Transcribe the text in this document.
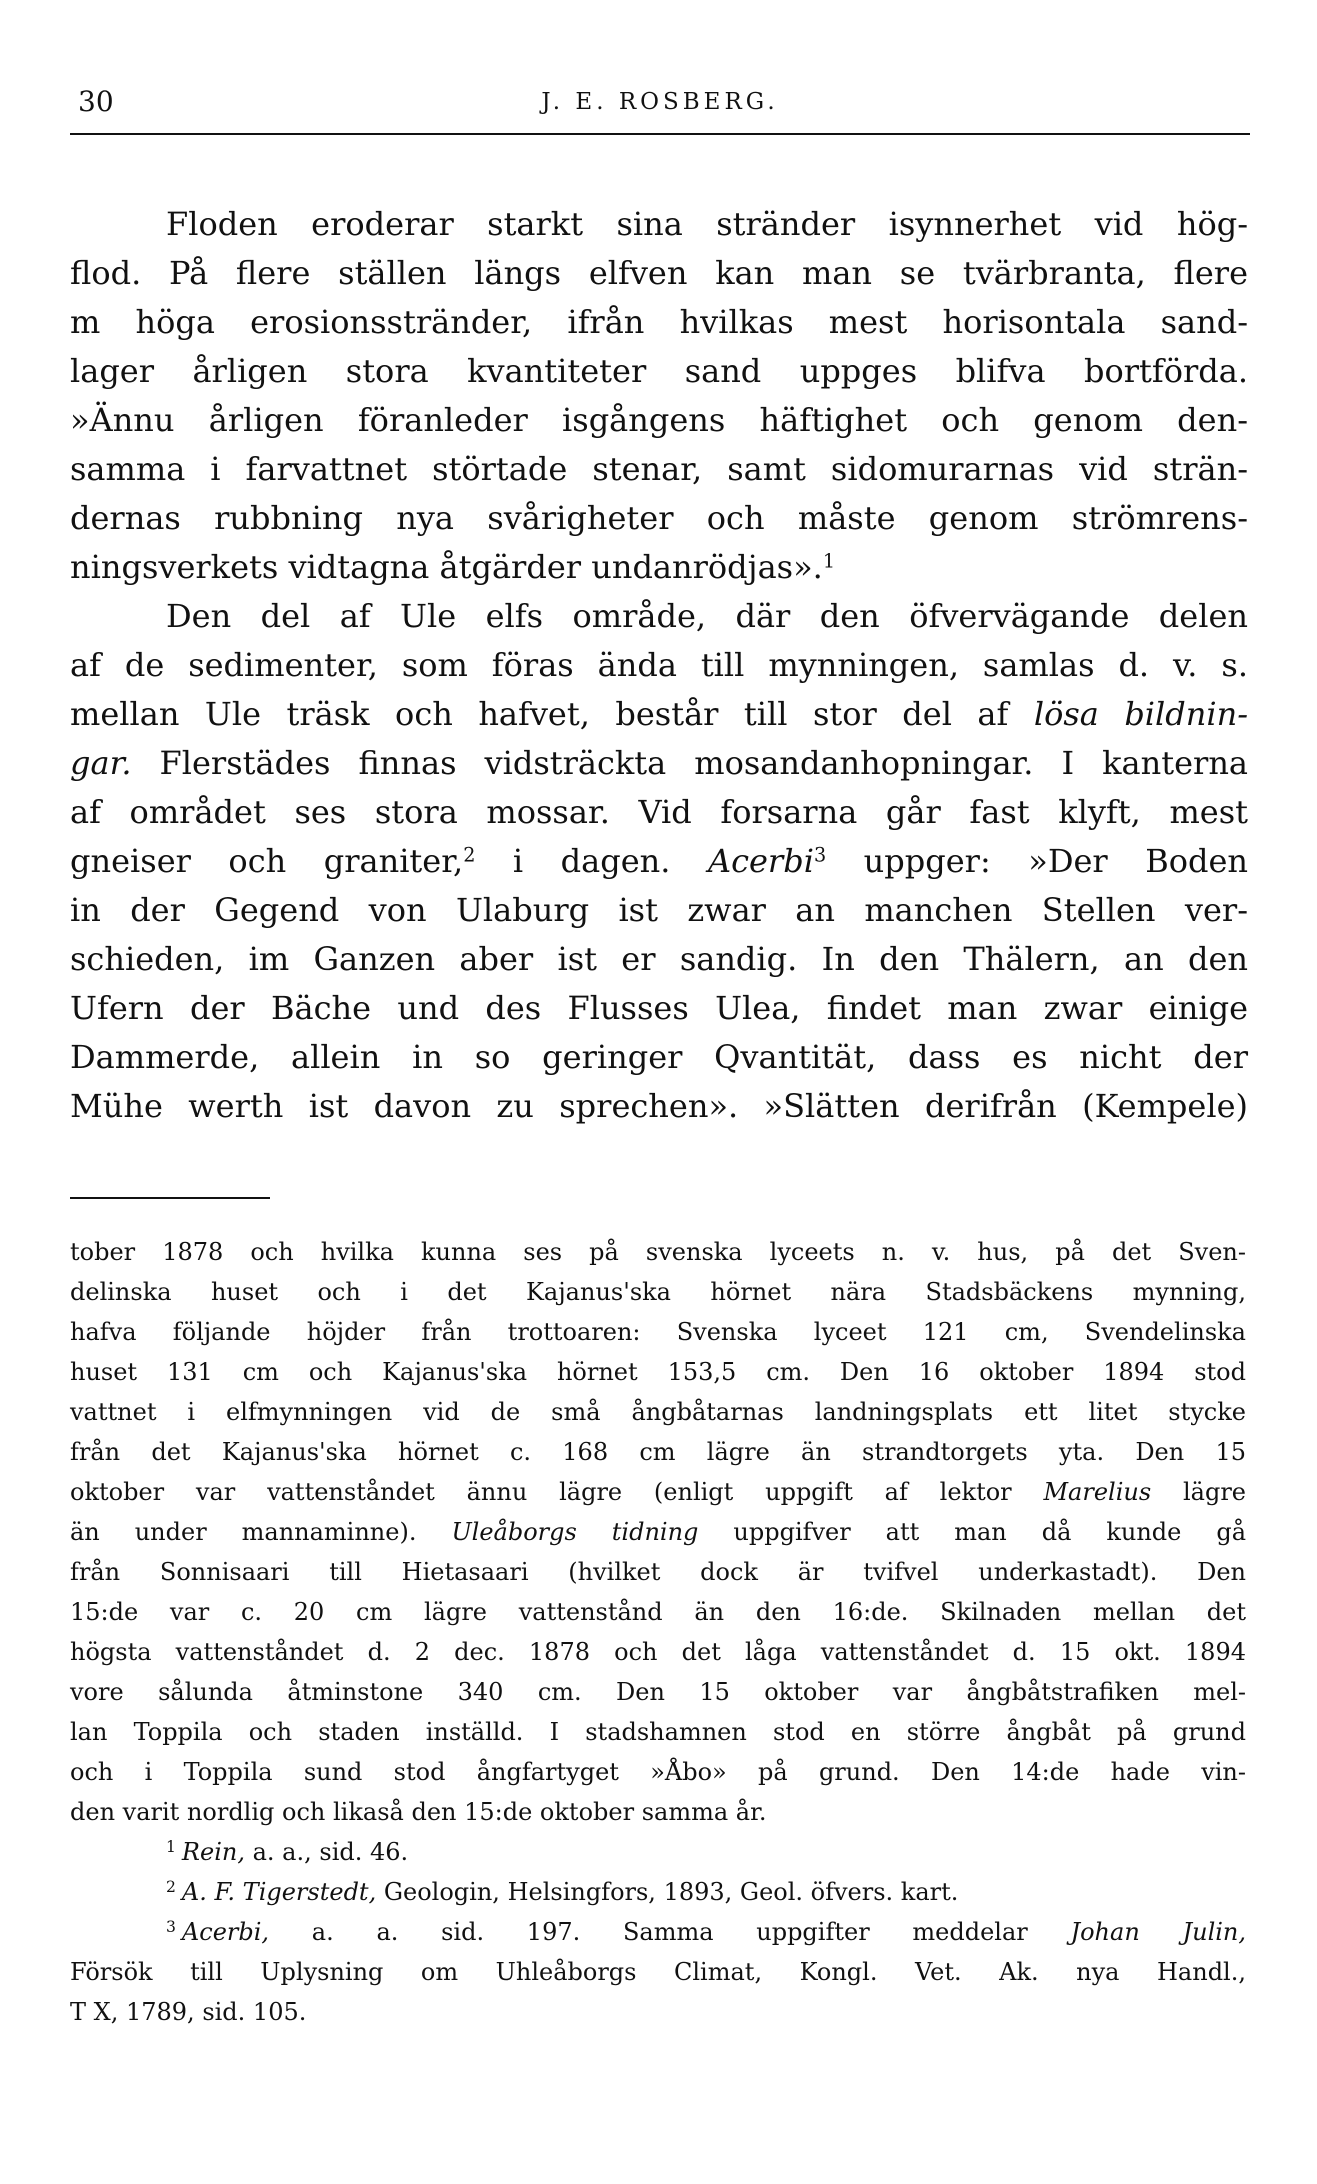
30	J. E. ROSBERG.
Floden eroderar starkt sina stränder isynnerhet vid hög-
flod. På flere ställen längs elfven kan man se tvärbranta, flere
m höga erosionsstränder, ifrån hvilkas mest horisontala sand-
lager årligen stora kvantiteter sand uppges blifva bortförda.
»Ännu årligen föranleder isgångens häftighet och genom den-
samma i farvattnet störtade stenar, samt sidomurarnas vid strän-
dernas rubbning nya svårigheter och måste genom strömrens-
ningsverkets vidtagna åtgärder undanrödjas».$^1$
Den del af Ule elfs område, där den öfvervägande delen
af de sedimenter, som föras ända till mynningen, samlas d. v. s.
mellan Ule träsk och hafvet, består till stor del af lösa bildnin-
gar. Flerstädes finnas vidsträckta mosandanhopningar. I kanterna
af området ses stora mossar. Vid forsarna går fast klyft, mest
gneiser och graniter,$^2$ i dagen. Acerbi$^3$ uppger: »Der Boden
in der Gegend von Ulaburg ist zwar an manchen Stellen ver-
schieden, im Ganzen aber ist er sandig. In den Thälern, an den
Ufern der Bäche und des Flusses Ulea, findet man zwar einige
Dammerde, allein in so geringer Qvantität, dass es nicht der
Mühe werth ist davon zu sprechen». »Slätten derifrån (Kempele)
tober 1878 och hvilka kunna ses på svenska lyceets n. v. hus, på det Sven-
delinska huset och i det Kajanus'ska hörnet nära Stadsbäckens mynning,
hafva följande höjder från trottoaren: Svenska lyceet 121 cm, Svendelinska
huset 131 cm och Kajanus'ska hörnet 153,5 cm. Den 16 oktober 1894 stod
vattnet i elfmynningen vid de små ångbåtarnas landningsplats ett litet stycke
från det Kajanus'ska hörnet c. 168 cm lägre än strandtorgets yta. Den 15
oktober var vattenståndet ännu lägre (enligt uppgift af lektor Marelius lägre
än under mannaminne). Uleåborgs tidning uppgifver att man då kunde gå
från Sonnisaari till Hietasaari (hvilket dock är tvifvel underkastadt). Den
15:de var c. 20 cm lägre vattenstånd än den 16:de. Skilnaden mellan det
högsta vattenståndet d. 2 dec. 1878 och det låga vattenståndet d. 15 okt. 1894
vore sålunda åtminstone 340 cm. Den 15 oktober var ångbåtstrafiken mel-
lan Toppila och staden inställd. I stadshamnen stod en större ångbåt på grund
och i Toppila sund stod ångfartyget »Åbo» på grund. Den 14:de hade vin-
den varit nordlig och likaså den 15:de oktober samma år.
$^1$ Rein, a. a., sid. 46.
$^2$ A. F. Tigerstedt, Geologin, Helsingfors, 1893, Geol. öfvers. kart.
$^3$ Acerbi, a. a. sid. 197. Samma uppgifter meddelar Johan Julin,
Försök till Uplysning om Uhleåborgs Climat, Kongl. Vet. Ak. nya Handl.,
T X, 1789, sid. 105.
